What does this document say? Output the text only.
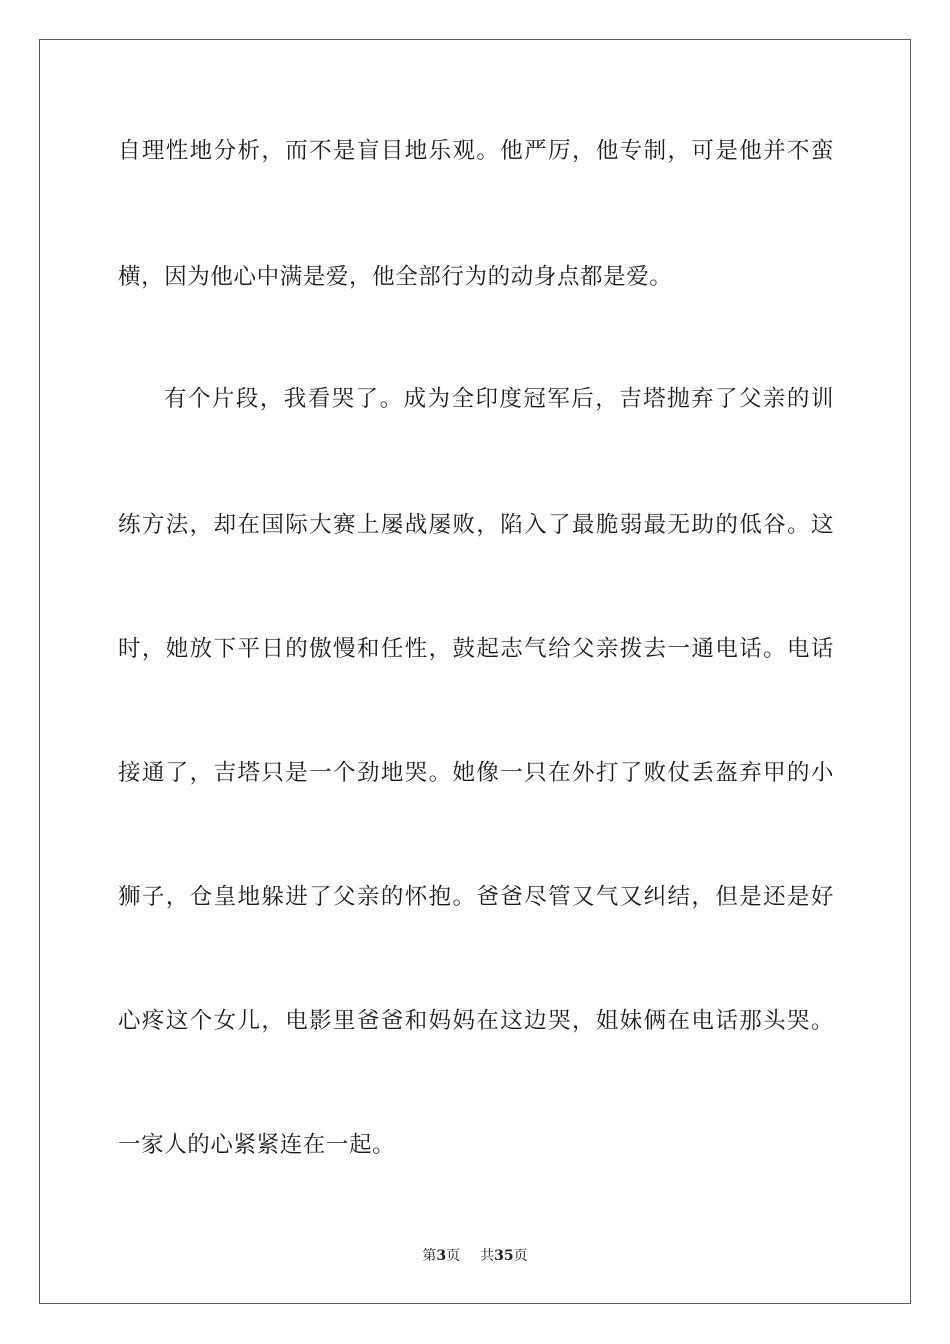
自理性地分析，而不是盲目地乐观。他严厉，他专制，可是他并不蛮
横，因为他心中满是爱，他全部行为的动身点都是爱。
有个片段，我看哭了。成为全印度冠军后，吉塔抛弃了父亲的训
练方法，却在国际大赛上屡战屡败，陷入了最脆弱最无助的低谷。这
时，她放下平日的傲慢和任性，鼓起志气给父亲拨去一通电话。电话
接通了，吉塔只是一个劲地哭。她像一只在外打了败仗丢盔弃甲的小
狮子，仓皇地躲进了父亲的怀抱。爸爸尽管又气又纠结，但是还是好
心疼这个女儿，电影里爸爸和妈妈在这边哭，姐妹俩在电话那头哭。
一家人的心紧紧连在一起。
第3页 共35页
